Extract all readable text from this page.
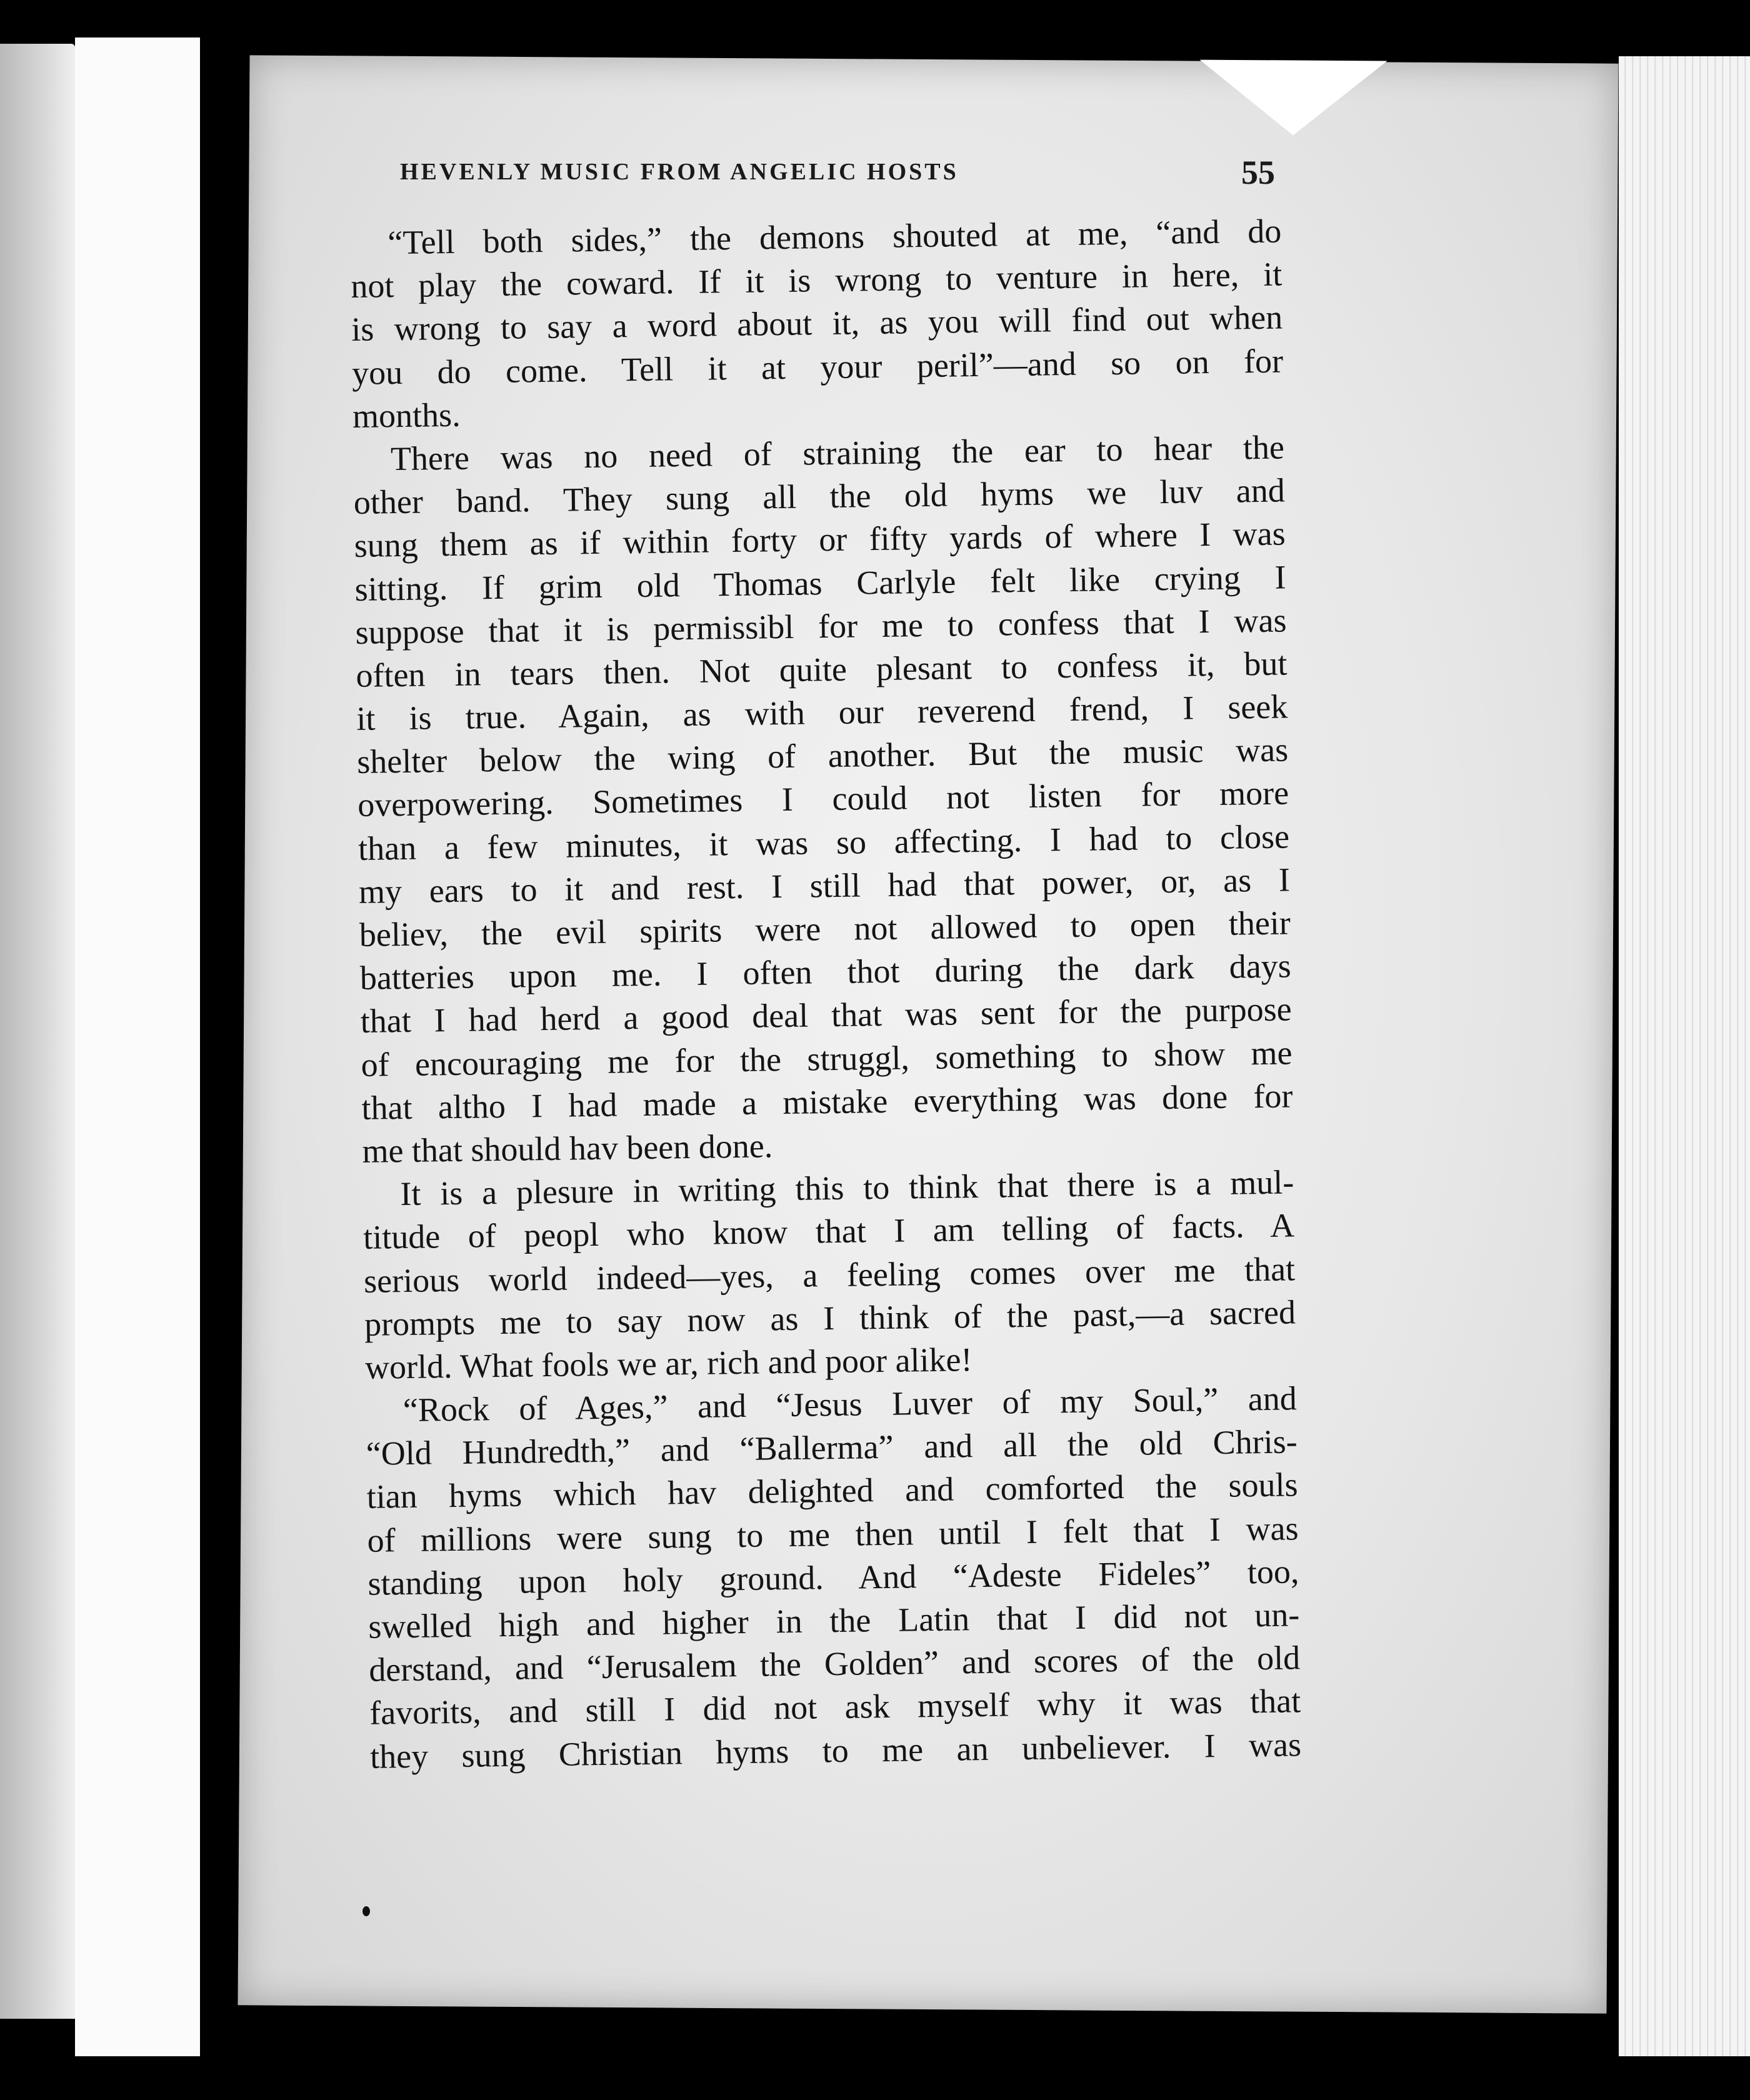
HEVENLY MUSIC FROM ANGELIC HOSTS	55
“Tell both sides,” the demons shouted at me, “and do
not play the coward. If it is wrong to venture in here, it
is wrong to say a word about it, as you will find out when
you do come. Tell it at your peril”—and so on for
months.
There was no need of straining the ear to hear the
other band. They sung all the old hyms we luv and
sung them as if within forty or fifty yards of where I was
sitting. If grim old Thomas Carlyle felt like crying I
suppose that it is permissibl for me to confess that I was
often in tears then. Not quite plesant to confess it, but
it is true. Again, as with our reverend frend, I seek
shelter below the wing of another. But the music was
overpowering. Sometimes I could not listen for more
than a few minutes, it was so affecting. I had to close
my ears to it and rest. I still had that power, or, as I
believ, the evil spirits were not allowed to open their
batteries upon me. I often thot during the dark days
that I had herd a good deal that was sent for the purpose
of encouraging me for the struggl, something to show me
that altho I had made a mistake everything was done for
me that should hav been done.
It is a plesure in writing this to think that there is a mul-
titude of peopl who know that I am telling of facts. A
serious world indeed—yes, a feeling comes over me that
prompts me to say now as I think of the past,—a sacred
world. What fools we ar, rich and poor alike!
“Rock of Ages,” and “Jesus Luver of my Soul,” and
“Old Hundredth,” and “Ballerma” and all the old Chris-
tian hyms which hav delighted and comforted the souls
of millions were sung to me then until I felt that I was
standing upon holy ground. And “Adeste Fideles” too,
swelled high and higher in the Latin that I did not un-
derstand, and “Jerusalem the Golden” and scores of the old
favorits, and still I did not ask myself why it was that
they sung Christian hyms to me an unbeliever. I was
